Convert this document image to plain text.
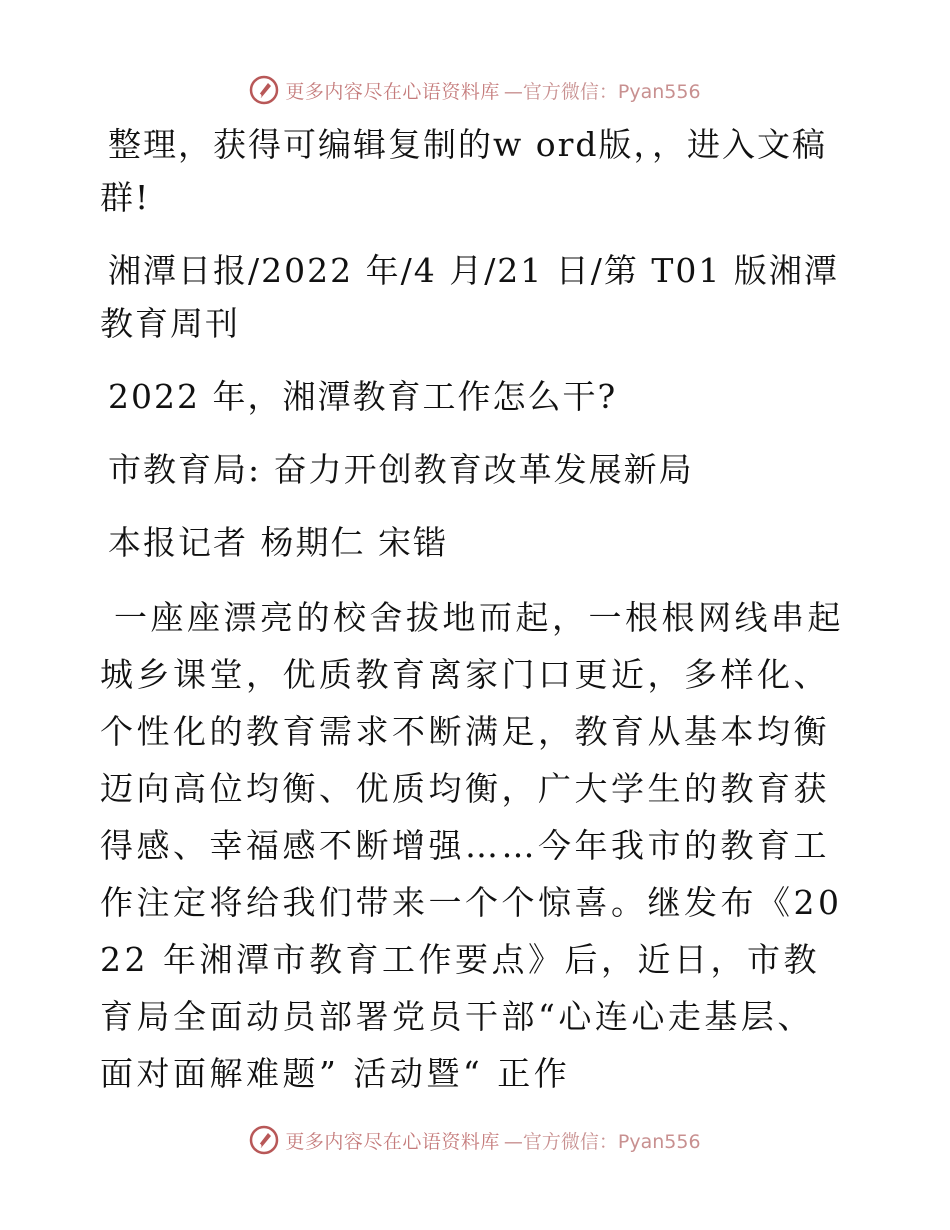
更多内容尽在心语资料库 —官方微信：Pyan556

整理，获得可编辑复制的w ord版，，进入文稿群!

湘潭日报/2022 年/4 月/21 日/第 T01 版湘潭教育周刊

2022 年，湘潭教育工作怎么干?

市教育局: 奋力开创教育改革发展新局

本报记者 杨期仁 宋锴

一座座漂亮的校舍拔地而起，一根根网线串起城乡课堂，优质教育离家门口更近，多样化、个性化的教育需求不断满足，教育从基本均衡迈向高位均衡、优质均衡，广大学生的教育获得感、幸福感不断增强……今年我市的教育工作注定将给我们带来一个个惊喜。继发布《2022 年湘潭市教育工作要点》后，近日，市教育局全面动员部署党员干部“心连心走基层、面对面解难题” 活动暨“ 正作

更多内容尽在心语资料库 —官方微信：Pyan556
